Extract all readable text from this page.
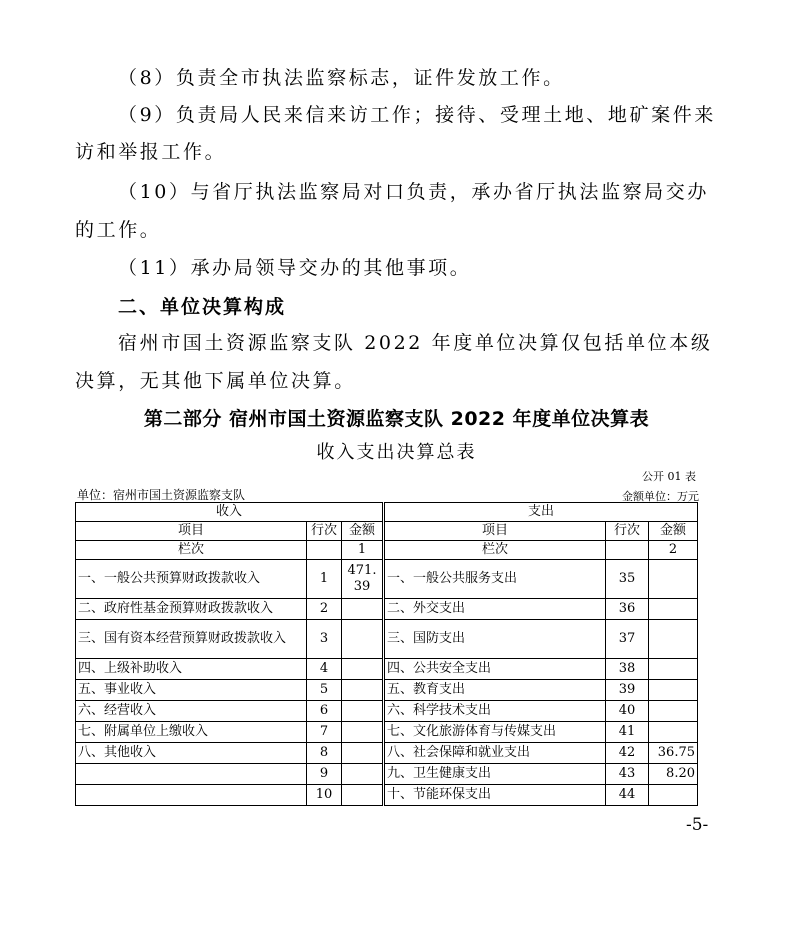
（8）负责全市执法监察标志，证件发放工作。
（9）负责局人民来信来访工作；接待、受理土地、地矿案件来
访和举报工作。
（10）与省厅执法监察局对口负责，承办省厅执法监察局交办
的工作。
（11）承办局领导交办的其他事项。
二、单位决算构成
宿州市国土资源监察支队 2022 年度单位决算仅包括单位本级
决算，无其他下属单位决算。
第二部分 宿州市国土资源监察支队 2022 年度单位决算表
收入支出决算总表
公开 01 表
单位：宿州市国土资源监察支队	金额单位：万元
收入			支出		
项目	行次	金额	项目	行次	金额
栏次		1	栏次		2
一、一般公共预算财政拨款收入	1	471.39	一、一般公共服务支出	35	
二、政府性基金预算财政拨款收入	2		二、外交支出	36	
三、国有资本经营预算财政拨款收入	3		三、国防支出	37	
四、上级补助收入	4		四、公共安全支出	38	
五、事业收入	5		五、教育支出	39	
六、经营收入	6		六、科学技术支出	40	
七、附属单位上缴收入	7		七、文化旅游体育与传媒支出	41	
八、其他收入	8		八、社会保障和就业支出	42	36.75
	9		九、卫生健康支出	43	8.20
	10		十、节能环保支出	44	
-5-
